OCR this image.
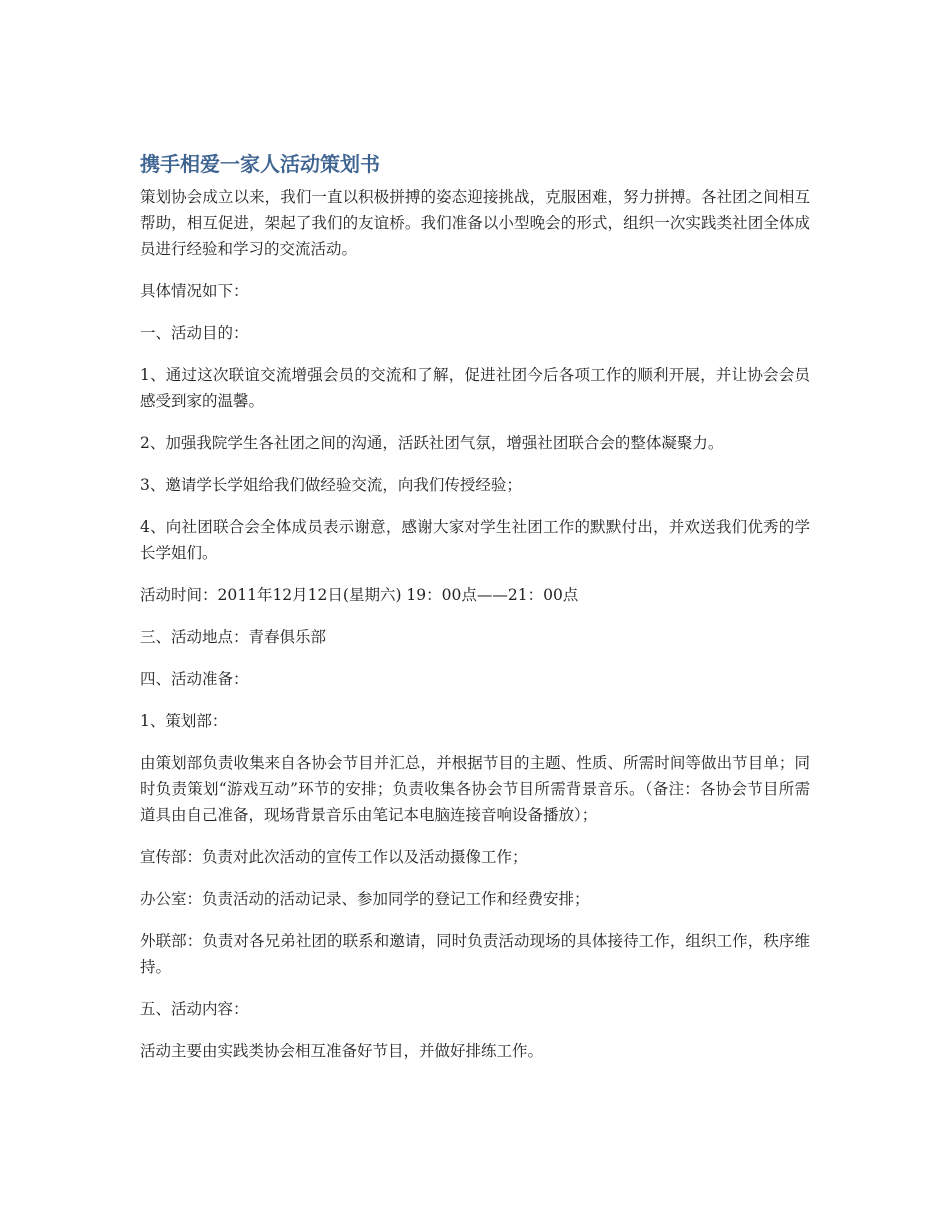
携手相爱一家人活动策划书

策划协会成立以来，我们一直以积极拼搏的姿态迎接挑战，克服困难，努力拼搏。各社团之间相互帮助，相互促进，架起了我们的友谊桥。我们准备以小型晚会的形式，组织一次实践类社团全体成员进行经验和学习的交流活动。

具体情况如下：

一、活动目的：

1、通过这次联谊交流增强会员的交流和了解，促进社团今后各项工作的顺利开展，并让协会会员感受到家的温馨。

2、加强我院学生各社团之间的沟通，活跃社团气氛，增强社团联合会的整体凝聚力。

3、邀请学长学姐给我们做经验交流，向我们传授经验；

4、向社团联合会全体成员表示谢意，感谢大家对学生社团工作的默默付出，并欢送我们优秀的学长学姐们。

活动时间：2011年12月12日(星期六) 19：00点——21：00点

三、活动地点：青春俱乐部

四、活动准备：

1、策划部：

由策划部负责收集来自各协会节目并汇总，并根据节目的主题、性质、所需时间等做出节目单；同时负责策划“游戏互动”环节的安排；负责收集各协会节目所需背景音乐。（备注：各协会节目所需道具由自己准备，现场背景音乐由笔记本电脑连接音响设备播放）；

宣传部：负责对此次活动的宣传工作以及活动摄像工作；

办公室：负责活动的活动记录、参加同学的登记工作和经费安排；

外联部：负责对各兄弟社团的联系和邀请，同时负责活动现场的具体接待工作，组织工作，秩序维持。

五、活动内容：

活动主要由实践类协会相互准备好节目，并做好排练工作。
